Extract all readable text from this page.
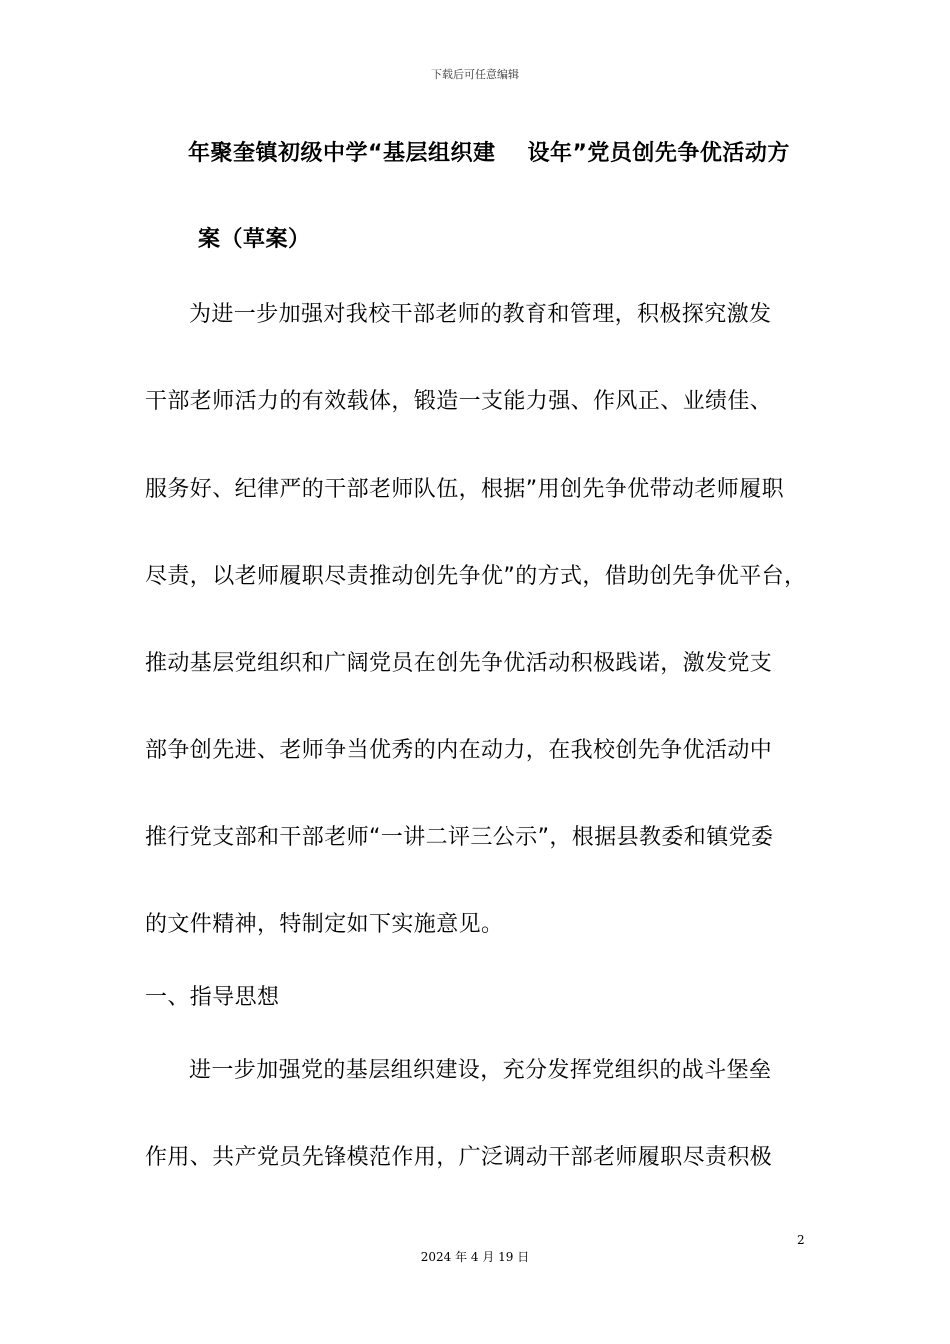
下载后可任意编辑
年聚奎镇初级中学“基层组织建 设年”党员创先争优活动方
案（草案）
为进一步加强对我校干部老师的教育和管理，积极探究激发
干部老师活力的有效载体，锻造一支能力强、作风正、业绩佳、
服务好、纪律严的干部老师队伍，根据”用创先争优带动老师履职
尽责，以老师履职尽责推动创先争优”的方式，借助创先争优平台，
推动基层党组织和广阔党员在创先争优活动积极践诺，激发党支
部争创先进、老师争当优秀的内在动力，在我校创先争优活动中
推行党支部和干部老师“一讲二评三公示”，根据县教委和镇党委
的文件精神，特制定如下实施意见。
一、指导思想
进一步加强党的基层组织建设，充分发挥党组织的战斗堡垒
作用、共产党员先锋模范作用，广泛调动干部老师履职尽责积极
2
2024 年 4 月 19 日
